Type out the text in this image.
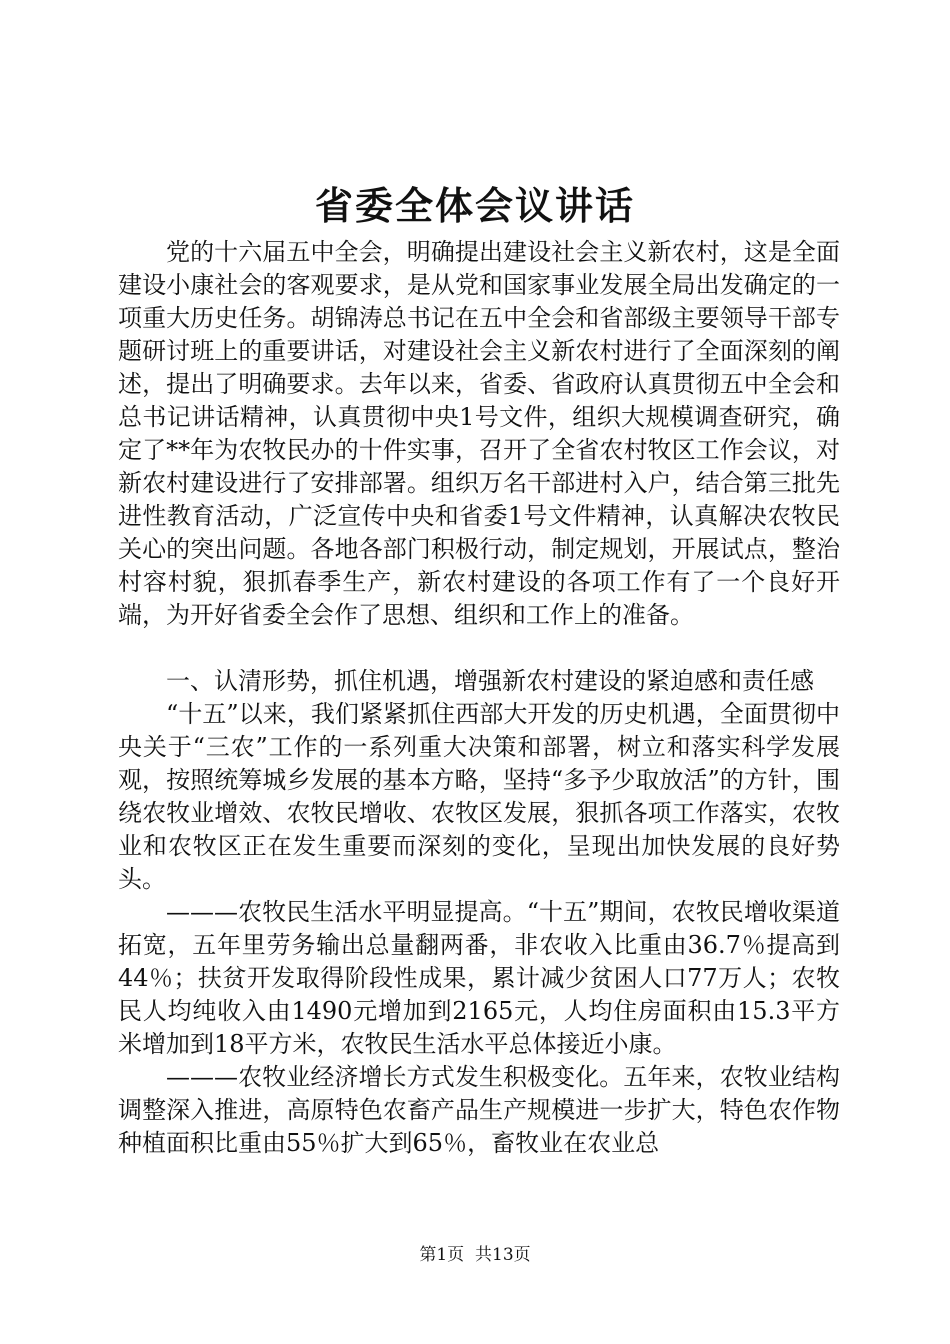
省委全体会议讲话

党的十六届五中全会，明确提出建设社会主义新农村，这是全面建设小康社会的客观要求，是从党和国家事业发展全局出发确定的一项重大历史任务。胡锦涛总书记在五中全会和省部级主要领导干部专题研讨班上的重要讲话，对建设社会主义新农村进行了全面深刻的阐述，提出了明确要求。去年以来，省委、省政府认真贯彻五中全会和总书记讲话精神，认真贯彻中央1号文件，组织大规模调查研究，确定了**年为农牧民办的十件实事，召开了全省农村牧区工作会议，对新农村建设进行了安排部署。组织万名干部进村入户，结合第三批先进性教育活动，广泛宣传中央和省委1号文件精神，认真解决农牧民关心的突出问题。各地各部门积极行动，制定规划，开展试点，整治村容村貌，狠抓春季生产，新农村建设的各项工作有了一个良好开端，为开好省委全会作了思想、组织和工作上的准备。

一、认清形势，抓住机遇，增强新农村建设的紧迫感和责任感

“十五”以来，我们紧紧抓住西部大开发的历史机遇，全面贯彻中央关于“三农”工作的一系列重大决策和部署，树立和落实科学发展观，按照统筹城乡发展的基本方略，坚持“多予少取放活”的方针，围绕农牧业增效、农牧民增收、农牧区发展，狠抓各项工作落实，农牧业和农牧区正在发生重要而深刻的变化，呈现出加快发展的良好势头。

———农牧民生活水平明显提高。“十五”期间，农牧民增收渠道拓宽，五年里劳务输出总量翻两番，非农收入比重由36.7％提高到44％；扶贫开发取得阶段性成果，累计减少贫困人口77万人；农牧民人均纯收入由1490元增加到2165元，人均住房面积由15.3平方米增加到18平方米，农牧民生活水平总体接近小康。

———农牧业经济增长方式发生积极变化。五年来，农牧业结构调整深入推进，高原特色农畜产品生产规模进一步扩大，特色农作物种植面积比重由55％扩大到65％，畜牧业在农业总

第1页 共13页
